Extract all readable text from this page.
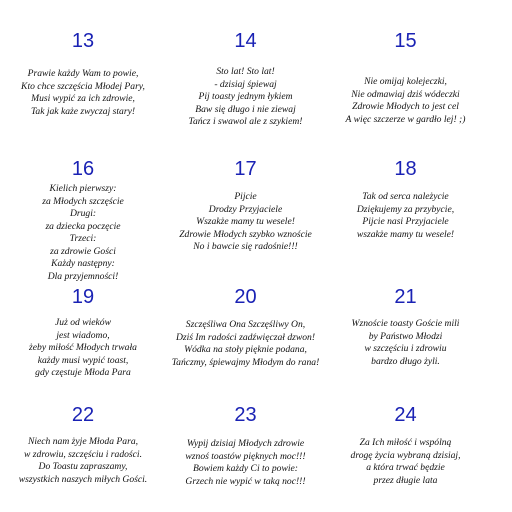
13
Prawie każdy Wam to powie,
Kto chce szczęścia Młodej Pary,
Musi wypić za ich zdrowie,
Tak jak każe zwyczaj stary!
14
Sto lat! Sto lat!
- dzisiaj śpiewaj
Pij toasty jednym łykiem
Baw się długo i nie ziewaj
Tańcz i swawol ale z szykiem!
15
Nie omijaj kolejeczki,
Nie odmawiaj dziś wódeczki
Zdrowie Młodych to jest cel
A więc szczerze w gardło lej! ;)
16
Kielich pierwszy:
za Młodych szczęście
Drugi:
za dziecka poczęcie
Trzeci:
za zdrowie Gości
Każdy następny:
Dla przyjemności!
17
Pijcie
Drodzy Przyjaciele
Wszakże mamy tu wesele!
Zdrowie Młodych szybko wznoście
No i bawcie się radośnie!!!
18
Tak od serca należycie
Dziękujemy za przybycie,
Pijcie nasi Przyjaciele
wszakże mamy tu wesele!
19
Już od wieków
jest wiadomo,
żeby miłość Młodych trwała
każdy musi wypić toast,
gdy częstuje Młoda Para
20
Szczęśliwa Ona Szczęśliwy On,
Dziś Im radości zadźwięczał dzwon!
Wódka na stoły pięknie podana,
Tańczmy, śpiewajmy Młodym do rana!
21
Wznoście toasty Goście mili
by Państwo Młodzi
w szczęściu i zdrowiu
bardzo długo żyli.
22
Niech nam żyje Młoda Para,
w zdrowiu, szczęściu i radości.
Do Toastu zapraszamy,
wszystkich naszych miłych Gości.
23
Wypij dzisiaj Młodych zdrowie
wznoś toastów pięknych moc!!!
Bowiem każdy Ci to powie:
Grzech nie wypić w taką noc!!!
24
Za Ich miłość i wspólną
drogę życia wybraną dzisiaj,
a która trwać będzie
przez długie lata
